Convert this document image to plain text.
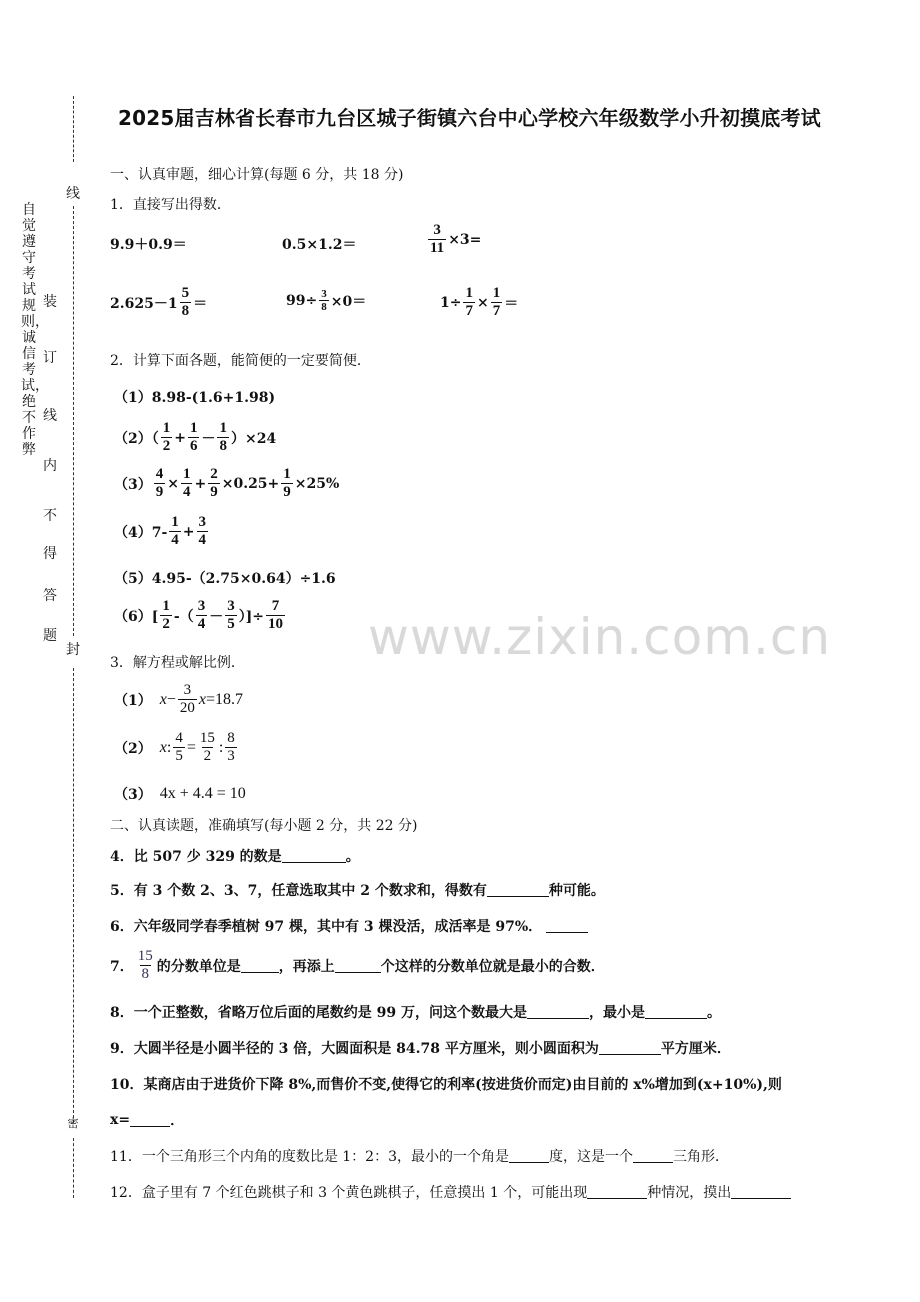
自觉遵守考试规则，诚信考试，绝不作弊
线
装
订
线
内
不
得
答
题
封
密
www.zixin.com.cn
2025届吉林省长春市九台区城子街镇六台中心学校六年级数学小升初摸底考试
一、认真审题，细心计算(每题 6 分，共 18 分)
1．直接写出得数．
9.9＋0.9＝	0.5×1.2＝	$\frac{3}{11} \times 3=$
$2.625-1 \frac{5}{8}$ ＝	$99\div \frac{3}{8} \times 0=$	$1\div \frac{1}{7} \times \frac{1}{7}$ ＝
2．计算下面各题，能简便的一定要简便．
（1）8.98-(1.6+1.98)
$(2)( \frac{1}{2} + \frac{1}{6} - \frac{1}{8} )\times 24$
$(3) \frac{4}{9} \times \frac{1}{4} + \frac{2}{9} \times 0.25+ \frac{1}{9} \times 25\%$
$(4)7- \frac{1}{4} + \frac{3}{4}$
（5）4.95-（2.75×0.64）÷1.6
$(6)[ \frac{1}{2}$ -（ $\frac{3}{4} - \frac{3}{5}$ ）]÷ $\frac{7}{10}$
3．解方程或解比例．
（1） $x - \frac{3}{20}$ x =18.7
（2） x : $\frac{4}{5} = \frac{15}{2}$ : $\frac{8}{3}$
（3） 4x + 4.4 = 10
二、认真读题，准确填写(每小题 2 分，共 22 分)
4．比 507 少 329 的数是	。
5．有 3 个数 2、3、7，任意选取其中 2 个数求和，得数有	种可能。
6．六年级同学春季植树 97 棵，其中有 3 棵没活，成活率是 97%．
7． $\frac{15}{8}$ 的分数单位是	，再添上	个这样的分数单位就是最小的合数．
8．一个正整数，省略万位后面的尾数约是 99 万，问这个数最大是	，最小是	。
9．大圆半径是小圆半径的 3 倍，大圆面积是 84.78 平方厘米，则小圆面积为	平方厘米．
10．某商店由于进货价下降 8%,而售价不变,使得它的利率(按进货价而定)由目前的 x%增加到(x+10%),则
x=	．
11．一个三角形三个内角的度数比是 1：2：3，最小的一个角是	度，这是一个	三角形．
12．盒子里有 7 个红色跳棋子和 3 个黄色跳棋子，任意摸出 1 个，可能出现	种情况，摸出
